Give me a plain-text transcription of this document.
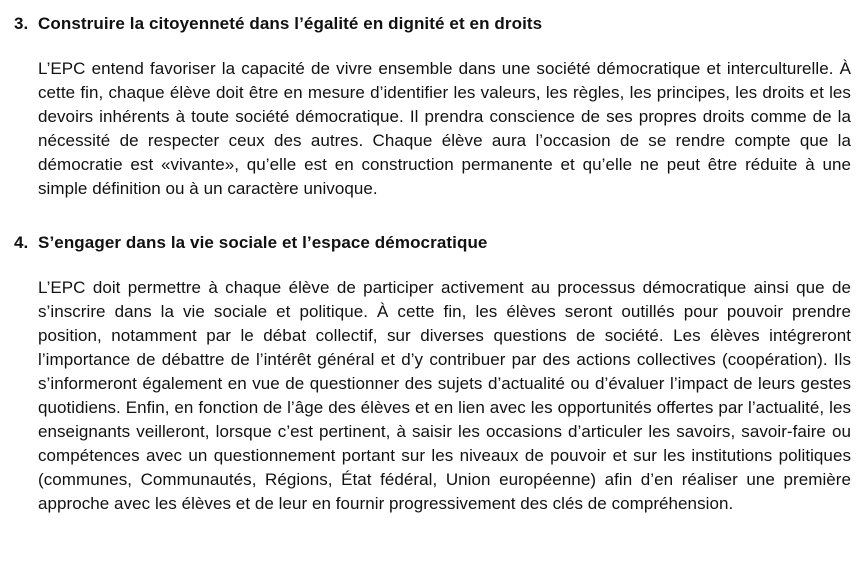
3. Construire la citoyenneté dans l’égalité en dignité et en droits

L’EPC entend favoriser la capacité de vivre ensemble dans une société démocratique et interculturelle. À cette fin, chaque élève doit être en mesure d’identifier les valeurs, les règles, les principes, les droits et les devoirs inhérents à toute société démocratique. Il prendra conscience de ses propres droits comme de la nécessité de respecter ceux des autres. Chaque élève aura l’occasion de se rendre compte que la démocratie est «vivante», qu’elle est en construction permanente et qu’elle ne peut être réduite à une simple définition ou à un caractère univoque.

4. S’engager dans la vie sociale et l’espace démocratique

L’EPC doit permettre à chaque élève de participer activement au processus démocratique ainsi que de s’inscrire dans la vie sociale et politique. À cette fin, les élèves seront outillés pour pouvoir prendre position, notamment par le débat collectif, sur diverses questions de société. Les élèves intégreront l’importance de débattre de l’intérêt général et d’y contribuer par des actions collectives (coopération). Ils s’informeront également en vue de questionner des sujets d’actualité ou d’évaluer l’impact de leurs gestes quotidiens. Enfin, en fonction de l’âge des élèves et en lien avec les opportunités offertes par l’actualité, les enseignants veilleront, lorsque c’est pertinent, à saisir les occasions d’articuler les savoirs, savoir-faire ou compétences avec un questionnement portant sur les niveaux de pouvoir et sur les institutions politiques (communes, Communautés, Régions, État fédéral, Union européenne) afin d’en réaliser une première approche avec les élèves et de leur en fournir progressivement des clés de compréhension.
